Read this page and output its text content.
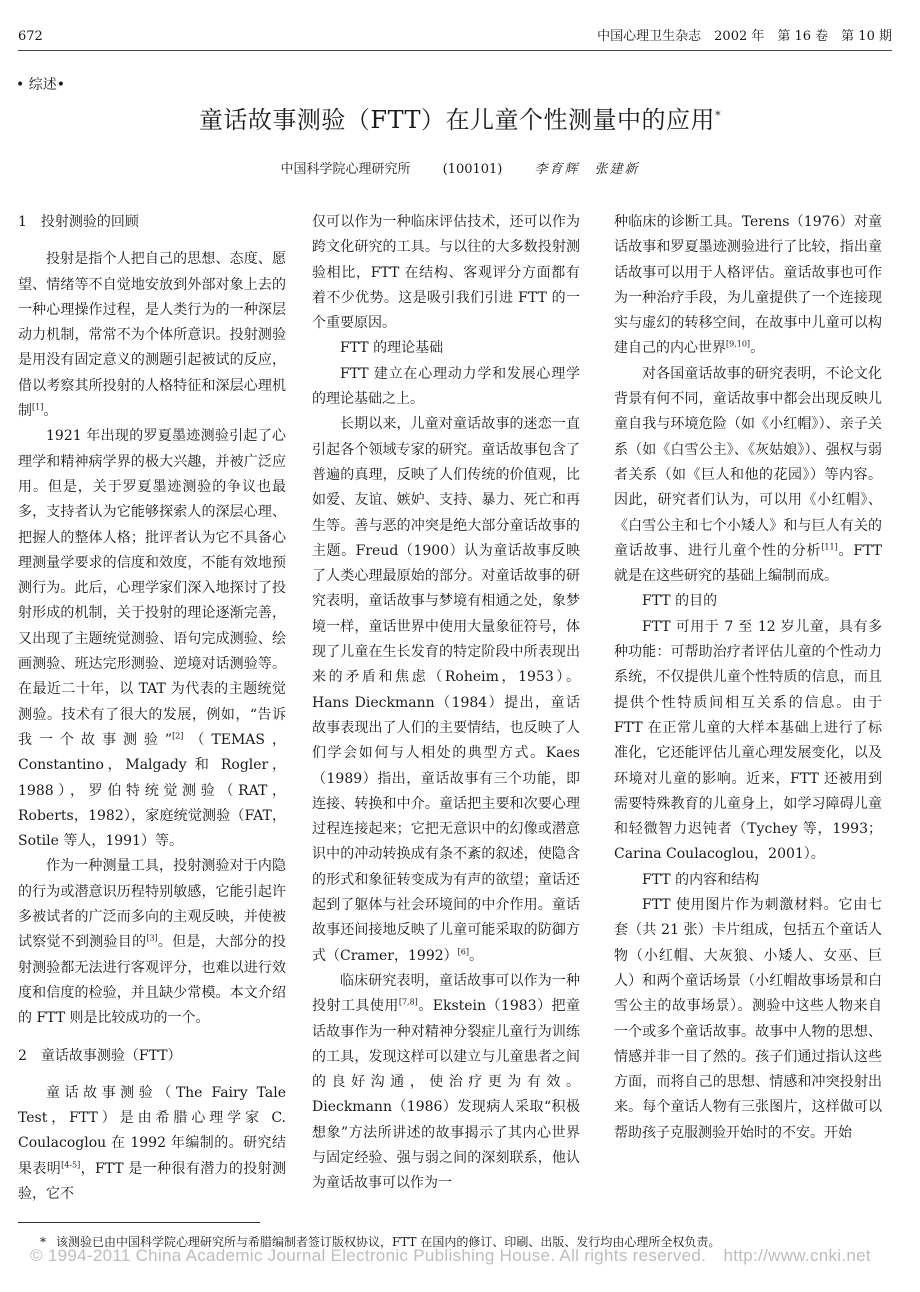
672	中国心理卫生杂志　2002 年　第 16 卷　第 10 期
• 综述•
童话故事测验（FTT）在儿童个性测量中的应用*
中国科学院心理研究所 (100101) 李育辉　张建新

1　投射测验的回顾

投射是指个人把自己的思想、态度、愿望、情绪等不自觉地安放到外部对象上去的一种心理操作过程，是人类行为的一种深层动力机制，常常不为个体所意识。投射测验是用没有固定意义的测题引起被试的反应，借以考察其所投射的人格特征和深层心理机制[1]。

1921 年出现的罗夏墨迹测验引起了心理学和精神病学界的极大兴趣，并被广泛应用。但是，关于罗夏墨迹测验的争议也最多，支持者认为它能够探索人的深层心理、把握人的整体人格；批评者认为它不具备心理测量学要求的信度和效度，不能有效地预测行为。此后，心理学家们深入地探讨了投射形成的机制，关于投射的理论逐渐完善，又出现了主题统觉测验、语句完成测验、绘画测验、班达完形测验、逆境对话测验等。在最近二十年，以 TAT 为代表的主题统觉测验。技术有了很大的发展，例如，“告诉我一个故事测验”[2]（TEMAS，Constantino，Malgady 和 Rogler，1988），罗伯特统觉测验（RAT，Roberts，1982），家庭统觉测验（FAT，Sotile 等人，1991）等。

作为一种测量工具，投射测验对于内隐的行为或潜意识历程特别敏感，它能引起许多被试者的广泛而多向的主观反映，并使被试察觉不到测验目的[3]。但是，大部分的投射测验都无法进行客观评分，也难以进行效度和信度的检验，并且缺少常模。本文介绍的 FTT 则是比较成功的一个。

2　童话故事测验（FTT）

童话故事测验（The Fairy Tale Test，FTT）是由希腊心理学家 C. Coulacoglou 在 1992 年编制的。研究结果表明[4-5]，FTT 是一种很有潜力的投射测验，它不

仅可以作为一种临床评估技术，还可以作为跨文化研究的工具。与以往的大多数投射测验相比，FTT 在结构、客观评分方面都有着不少优势。这是吸引我们引进 FTT 的一个重要原因。

FTT 的理论基础

FTT 建立在心理动力学和发展心理学的理论基础之上。

长期以来，儿童对童话故事的迷恋一直引起各个领域专家的研究。童话故事包含了普遍的真理，反映了人们传统的价值观，比如爱、友谊、嫉妒、支持、暴力、死亡和再生等。善与恶的冲突是绝大部分童话故事的主题。Freud（1900）认为童话故事反映了人类心理最原始的部分。对童话故事的研究表明，童话故事与梦境有相通之处，象梦境一样，童话世界中使用大量象征符号，体现了儿童在生长发育的特定阶段中所表现出来的矛盾和焦虑（Roheim，1953）。Hans Dieckmann（1984）提出，童话故事表现出了人们的主要情结，也反映了人们学会如何与人相处的典型方式。Kaes（1989）指出，童话故事有三个功能，即连接、转换和中介。童话把主要和次要心理过程连接起来；它把无意识中的幻像或潜意识中的冲动转换成有条不紊的叙述，使隐含的形式和象征转变成为有声的欲望；童话还起到了躯体与社会环境间的中介作用。童话故事还间接地反映了儿童可能采取的防御方式（Cramer，1992）[6]。

临床研究表明，童话故事可以作为一种投射工具使用[7,8]。Ekstein（1983）把童话故事作为一种对精神分裂症儿童行为训练的工具，发现这样可以建立与儿童患者之间的良好沟通，使治疗更为有效。Dieckmann（1986）发现病人采取“积极想象”方法所讲述的故事揭示了其内心世界与固定经验、强与弱之间的深刻联系，他认为童话故事可以作为一

种临床的诊断工具。Terens（1976）对童话故事和罗夏墨迹测验进行了比较，指出童话故事可以用于人格评估。童话故事也可作为一种治疗手段，为儿童提供了一个连接现实与虚幻的转移空间，在故事中儿童可以构建自己的内心世界[9,10]。

对各国童话故事的研究表明，不论文化背景有何不同，童话故事中都会出现反映儿童自我与环境危险（如《小红帽》）、亲子关系（如《白雪公主》、《灰姑娘》）、强权与弱者关系（如《巨人和他的花园》）等内容。因此，研究者们认为，可以用《小红帽》、《白雪公主和七个小矮人》和与巨人有关的童话故事、进行儿童个性的分析[11]。FTT 就是在这些研究的基础上编制而成。

FTT 的目的

FTT 可用于 7 至 12 岁儿童，具有多种功能：可帮助治疗者评估儿童的个性动力系统，不仅提供儿童个性特质的信息，而且提供个性特质间相互关系的信息。由于 FTT 在正常儿童的大样本基础上进行了标准化，它还能评估儿童心理发展变化，以及环境对儿童的影响。近来，FTT 还被用到需要特殊教育的儿童身上，如学习障碍儿童和轻微智力迟钝者（Tychey 等，1993；Carina Coulacoglou，2001）。

FTT 的内容和结构

FTT 使用图片作为刺激材料。它由七套（共 21 张）卡片组成，包括五个童话人物（小红帽、大灰狼、小矮人、女巫、巨人）和两个童话场景（小红帽故事场景和白雪公主的故事场景）。测验中这些人物来自一个或多个童话故事。故事中人物的思想、情感并非一目了然的。孩子们通过指认这些方面，而将自己的思想、情感和冲突投射出来。每个童话人物有三张图片，这样做可以帮助孩子克服测验开始时的不安。开始

* 该测验已由中国科学院心理研究所与希腊编制者签订版权协议，FTT 在国内的修订、印刷、出版、发行均由心理所全权负责。
© 1994-2011 China Academic Journal Electronic Publishing House. All rights reserved.　http://www.cnki.net
